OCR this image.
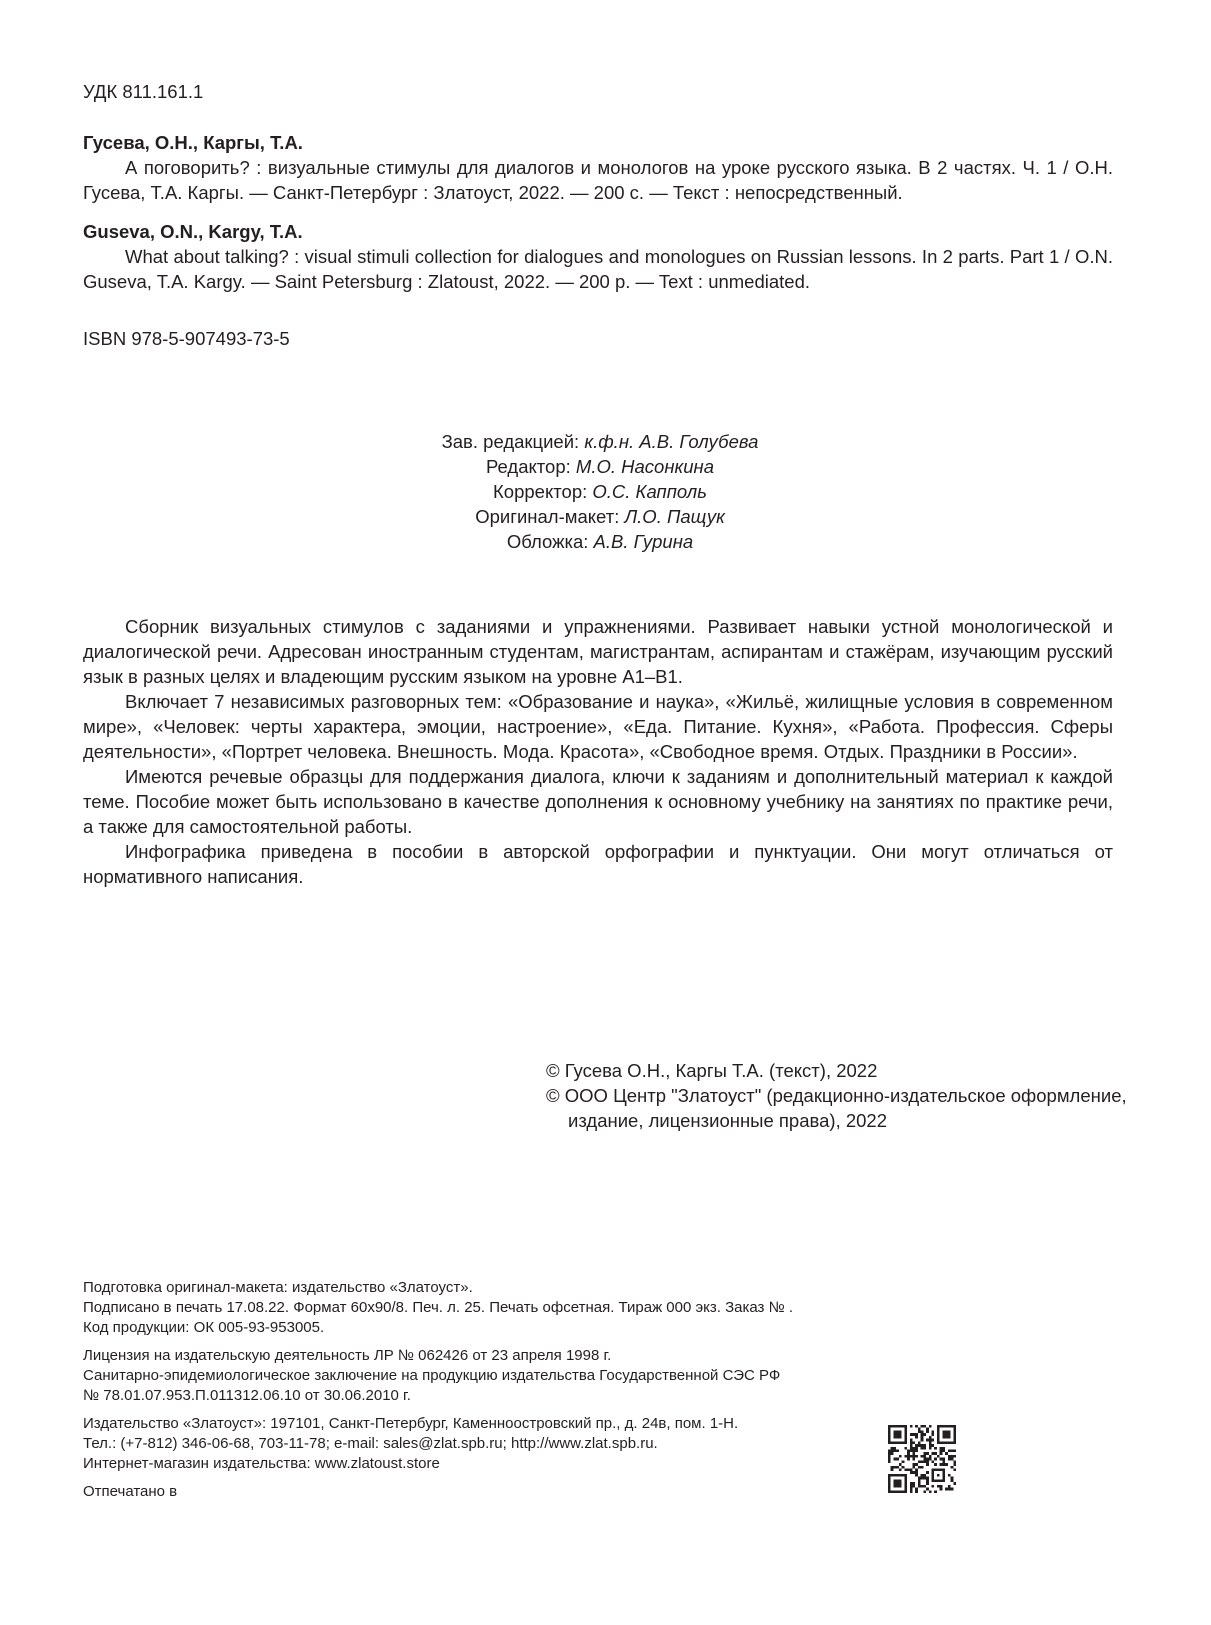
УДК 811.161.1
Гусева, О.Н., Каргы, Т.А.
А поговорить? : визуальные стимулы для диалогов и монологов на уроке русского языка. В 2 частях. Ч. 1 / О.Н. Гусева, Т.А. Каргы. — Санкт-Петербург : Златоуст, 2022. — 200 с. — Текст : непосредственный.
Guseva, O.N., Kargy, T.A.
What about talking? : visual stimuli collection for dialogues and monologues on Russian lessons. In 2 parts. Part 1 / O.N. Guseva, T.A. Kargy. — Saint Petersburg : Zlatoust, 2022. — 200 p. — Text : unmediated.
ISBN 978-5-907493-73-5
Зав. редакцией: к.ф.н. А.В. Голубева
Редактор: М.О. Насонкина
Корректор: О.С. Капполь
Оригинал-макет: Л.О. Пащук
Обложка: А.В. Гурина
Сборник визуальных стимулов с заданиями и упражнениями. Развивает навыки устной монологической и диалогической речи. Адресован иностранным студентам, магистрантам, аспирантам и стажёрам, изучающим русский язык в разных целях и владеющим русским языком на уровне А1–В1.
Включает 7 независимых разговорных тем: «Образование и наука», «Жильё, жилищные условия в современном мире», «Человек: черты характера, эмоции, настроение», «Еда. Питание. Кухня», «Работа. Профессия. Сферы деятельности», «Портрет человека. Внешность. Мода. Красота», «Свободное время. Отдых. Праздники в России».
Имеются речевые образцы для поддержания диалога, ключи к заданиям и дополнительный материал к каждой теме. Пособие может быть использовано в качестве дополнения к основному учебнику на занятиях по практике речи, а также для самостоятельной работы.
Инфографика приведена в пособии в авторской орфографии и пунктуации. Они могут отличаться от нормативного написания.
© Гусева О.Н., Каргы Т.А. (текст), 2022
© ООО Центр "Златоуст" (редакционно-издательское оформление,
издание, лицензионные права), 2022
Подготовка оригинал-макета: издательство «Златоуст».
Подписано в печать 17.08.22. Формат 60х90/8. Печ. л. 25. Печать офсетная. Тираж 000 экз. Заказ № .
Код продукции: ОК 005-93-953005.
Лицензия на издательскую деятельность ЛР № 062426 от 23 апреля 1998 г.
Санитарно-эпидемиологическое заключение на продукцию издательства Государственной СЭС РФ
№ 78.01.07.953.П.011312.06.10 от 30.06.2010 г.
Издательство «Златоуст»: 197101, Санкт-Петербург, Каменноостровский пр., д. 24в, пом. 1-Н.
Тел.: (+7-812) 346-06-68, 703-11-78; e-mail: sales@zlat.spb.ru; http://www.zlat.spb.ru.
Интернет-магазин издательства: www.zlatoust.store
Отпечатано в
